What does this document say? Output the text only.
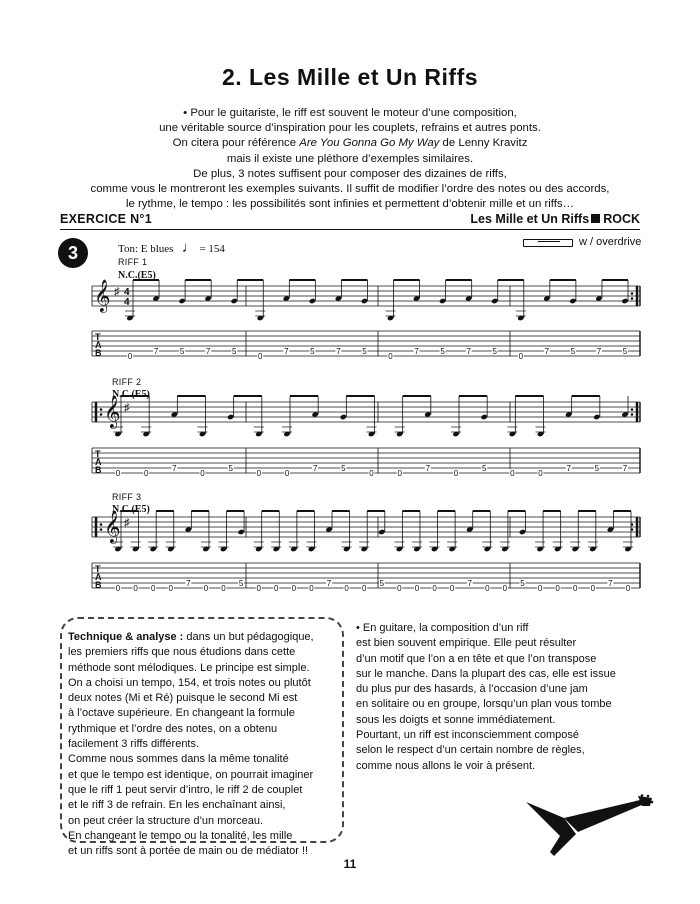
2. Les Mille et Un Riffs

• Pour le guitariste, le riff est souvent le moteur d’une composition,

une véritable source d’inspiration pour les couplets, refrains et autres ponts.

On citera pour référence Are You Gonna Go My Way de Lenny Kravitz

mais il existe une pléthore d’exemples similaires.

De plus, 3 notes suffisent pour composer des dizaines de riffs,

comme vous le montreront les exemples suivants. Il suffit de modifier l’ordre des notes ou des accords,

le rythme, le tempo : les possibilités sont infinies et permettent d’obtenir mille et un riffs…

EXERCICE N°1	Les Mille et Un Riffs ROCK
3	Ton: E blues ♩ = 154
w / overdrive
RIFF 1
N.C.(E5)
RIFF 2
N.C.(E5)
RIFF 3
N.C.(E5)
𝄞 ♯ 4
4
T
A
B
𝄞 ♯
T
A
B
𝄞 ♯
T
A
B
0
7	5	7	5
0
7	5	7	5
0
7	5	7	5
0
7	5	7	5
0	0
7
0
5
0	0
7	5
0	0
7
0
5
0	0
7	5	7
0 0 0 0
7
0 0
5
0 0 0 0
7
0 0
5
0 0 0 0
7
0 0
5
0 0 0 0
7
0
Technique & analyse : dans un but pédagogique,
les premiers riffs que nous étudions dans cette
méthode sont mélodiques. Le principe est simple.
On a choisi un tempo, 154, et trois notes ou plutôt
deux notes (Mi et Ré) puisque le second Mi est
à l’octave supérieure. En changeant la formule
rythmique et l’ordre des notes, on a obtenu
facilement 3 riffs différents.
Comme nous sommes dans la même tonalité
et que le tempo est identique, on pourrait imaginer
que le riff 1 peut servir d’intro, le riff 2 de couplet
et le riff 3 de refrain. En les enchaînant ainsi,
on peut créer la structure d’un morceau.
En changeant le tempo ou la tonalité, les mille
et un riffs sont à portée de main ou de médiator !!
• En guitare, la composition d’un riff
est bien souvent empirique. Elle peut résulter
d’un motif que l’on a en tête et que l’on transpose
sur le manche. Dans la plupart des cas, elle est issue
du plus pur des hasards, à l’occasion d’une jam
en solitaire ou en groupe, lorsqu’un plan vous tombe
sous les doigts et sonne immédiatement.
Pourtant, un riff est inconsciemment composé
selon le respect d’un certain nombre de règles,
comme nous allons le voir à présent.
11
